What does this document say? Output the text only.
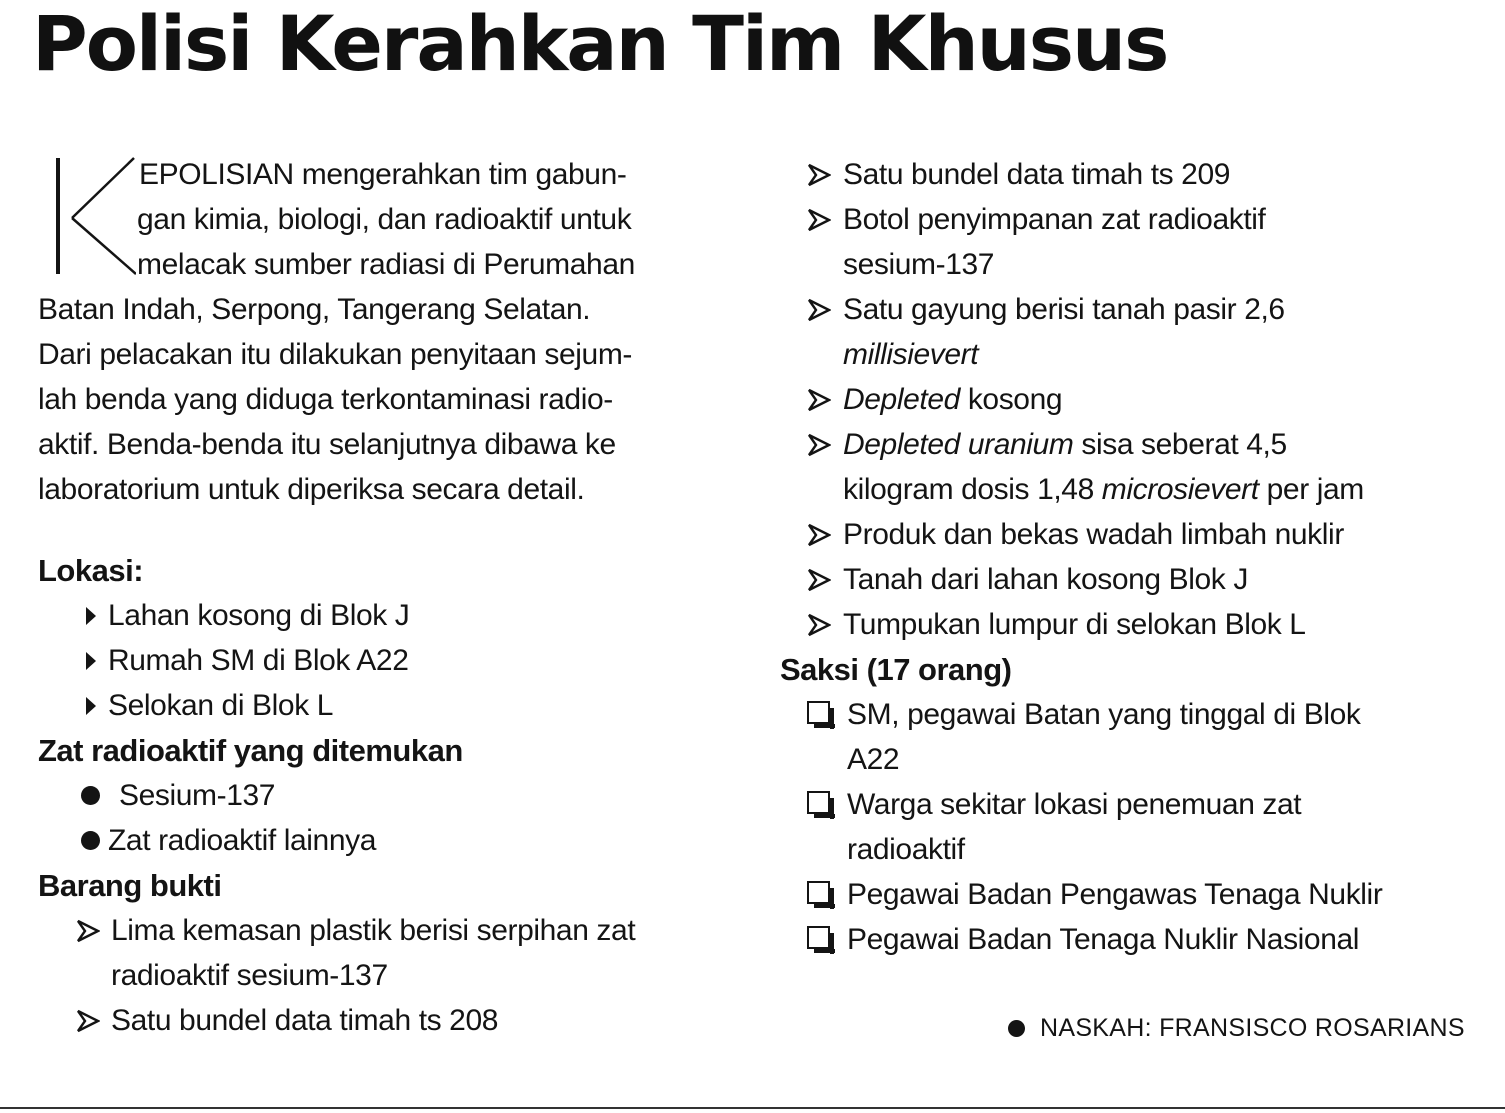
Polisi Kerahkan Tim Khusus
EPOLISIAN mengerahkan tim gabun-
gan kimia, biologi, dan radioaktif untuk
melacak sumber radiasi di Perumahan
Batan Indah, Serpong, Tangerang Selatan.
Dari pelacakan itu dilakukan penyitaan sejum-
lah benda yang diduga terkontaminasi radio-
aktif. Benda-benda itu selanjutnya dibawa ke
laboratorium untuk diperiksa secara detail.
Lokasi:
Lahan kosong di Blok J
Rumah SM di Blok A22
Selokan di Blok L
Zat radioaktif yang ditemukan
Sesium-137
Zat radioaktif lainnya
Barang bukti
Lima kemasan plastik berisi serpihan zat
radioaktif sesium-137
Satu bundel data timah ts 208
Satu bundel data timah ts 209
Botol penyimpanan zat radioaktif
sesium-137
Satu gayung berisi tanah pasir 2,6
millisievert
Depleted kosong
Depleted uranium sisa seberat 4,5
kilogram dosis 1,48 microsievert per jam
Produk dan bekas wadah limbah nuklir
Tanah dari lahan kosong Blok J
Tumpukan lumpur di selokan Blok L
Saksi (17 orang)
SM, pegawai Batan yang tinggal di Blok
A22
Warga sekitar lokasi penemuan zat
radioaktif
Pegawai Badan Pengawas Tenaga Nuklir
Pegawai Badan Tenaga Nuklir Nasional
NASKAH: FRANSISCO ROSARIANS
